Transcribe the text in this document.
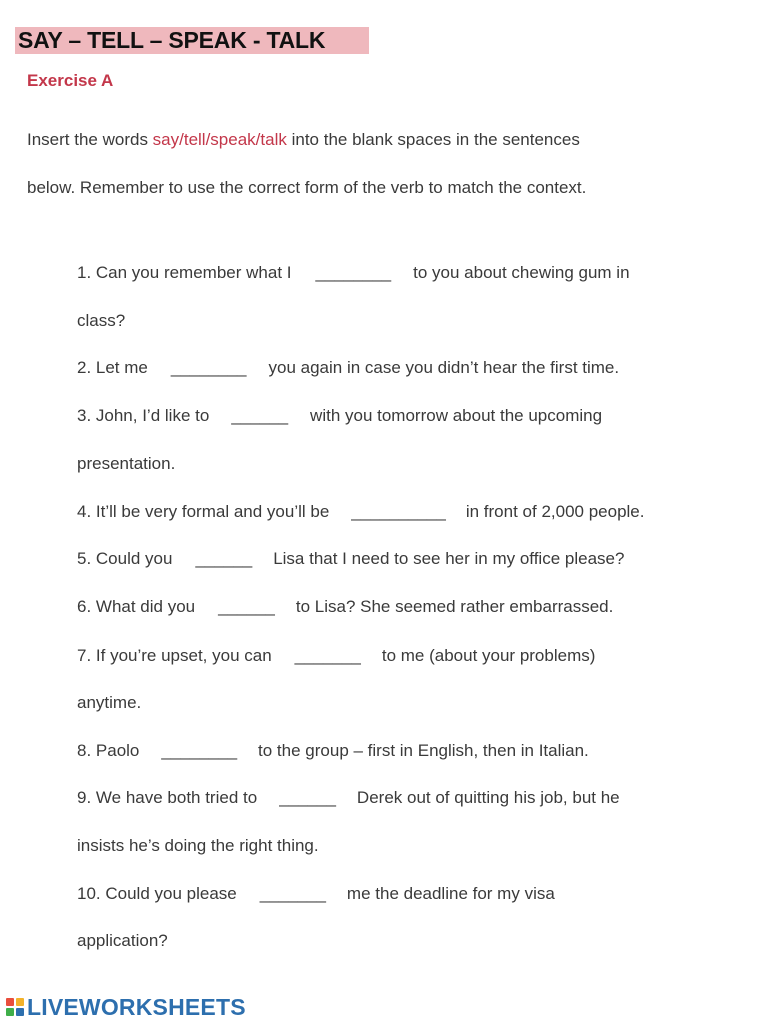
SAY – TELL – SPEAK - TALK
Exercise A
Insert the words say/tell/speak/talk into the blank spaces in the sentences
below. Remember to use the correct form of the verb to match the context.
1. Can you remember what I ________ to you about chewing gum in
class?
2. Let me ________ you again in case you didn’t hear the first time.
3. John, I’d like to ______ with you tomorrow about the upcoming
presentation.
4. It’ll be very formal and you’ll be __________ in front of 2,000 people.
5. Could you ______ Lisa that I need to see her in my office please?
6. What did you ______ to Lisa? She seemed rather embarrassed.
7. If you’re upset, you can _______ to me (about your problems)
anytime.
8. Paolo ________ to the group – first in English, then in Italian.
9. We have both tried to ______ Derek out of quitting his job, but he
insists he’s doing the right thing.
10. Could you please _______ me the deadline for my visa
application?
LIVEWORKSHEETS
